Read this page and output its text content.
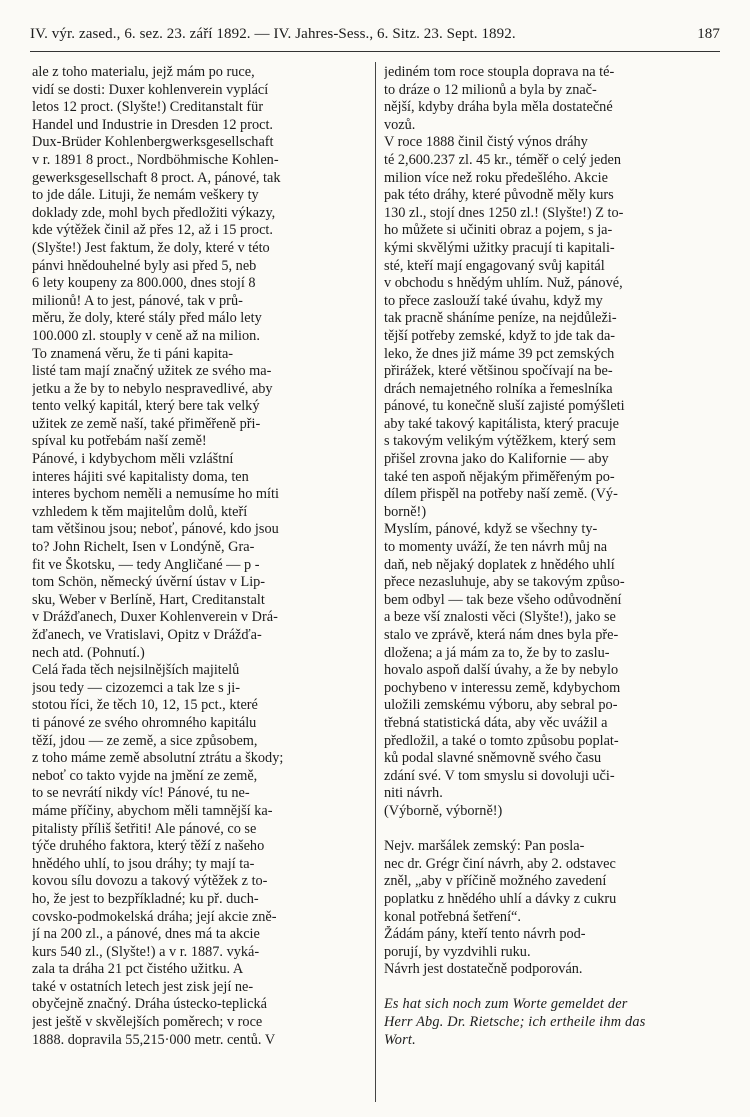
IV. výr. zased., 6. sez. 23. září 1892. — IV. Jahres-Sess., 6. Sitz. 23. Sept. 1892.	187
ale z toho materialu, jejž mám po ruce,
vidí se dosti: Duxer kohlenverein vyplácí
letos 12 proct. (Slyšte!) Creditanstalt für
Handel und Industrie in Dresden 12 proct.
Dux-Brüder Kohlenbergwerksgesellschaft
v r. 1891 8 proct., Nordböhmische Kohlen-
gewerksgesellschaft 8 proct. A, pánové, tak
to jde dále. Lituji, že nemám veškery ty
doklady zde, mohl bych předložiti výkazy,
kde výtěžek činil až přes 12, až i 15 proct.
(Slyšte!) Jest faktum, že doly, které v této
pánvi hnědouhelné byly asi před 5, neb
6 lety koupeny za 800.000, dnes stojí 8
milionů! A to jest, pánové, tak v prů-
měru, že doly, které stály před málo lety
100.000 zl. stouply v ceně až na milion.
To znamená věru, že ti páni kapita-
listé tam mají značný užitek ze svého ma-
jetku a že by to nebylo nespravedlivé, aby
tento velký kapitál, který bere tak velký
užitek ze země naší, také přiměřeně při-
spíval ku potřebám naší země!
Pánové, i kdybychom měli vzláštní
interes hájiti své kapitalisty doma, ten
interes bychom neměli a nemusíme ho míti
vzhledem k těm majitelům dolů, kteří
tam většinou jsou; neboť, pánové, kdo jsou
to? John Richelt, Isen v Londýně, Gra-
fit ve Škotsku, — tedy Angličané — p -
tom Schön, německý úvěrní ústav v Lip-
sku, Weber v Berlíně, Hart, Creditanstalt
v Drážďanech, Duxer Kohlenverein v Drá-
žďanech, ve Vratislavi, Opitz v Drážďa-
nech atd. (Pohnutí.)
Celá řada těch nejsilnějších majitelů
jsou tedy — cizozemci a tak lze s ji-
stotou říci, že těch 10, 12, 15 pct., které
ti pánové ze svého ohromného kapitálu
těží, jdou — ze země, a sice způsobem,
z toho máme země absolutní ztrátu a škody;
neboť co takto vyjde na jmění ze země,
to se nevrátí nikdy víc! Pánové, tu ne-
máme příčiny, abychom měli tamnější ka-
pitalisty příliš šetřiti! Ale pánové, co se
týče druhého faktora, který těží z našeho
hnědého uhlí, to jsou dráhy; ty mají ta-
kovou sílu dovozu a takový výtěžek z to-
ho, že jest to bezpříkladné; ku př. duch-
covsko-podmokelská dráha; její akcie zně-
jí na 200 zl., a pánové, dnes má ta akcie
kurs 540 zl., (Slyšte!) a v r. 1887. vyká-
zala ta dráha 21 pct čistého užitku. A
také v ostatních letech jest zisk její ne-
obyčejně značný. Dráha ústecko-teplická
jest ještě v skvělejších poměrech; v roce
1888. dopravila 55,215·000 metr. centů. V
jediném tom roce stoupla doprava na té-
to dráze o 12 milionů a byla by znač-
nější, kdyby dráha byla měla dostatečné
vozů.
V roce 1888 činil čistý výnos dráhy
té 2,600.237 zl. 45 kr., téměř o celý jeden
milion více než roku předešlého. Akcie
pak této dráhy, které původně měly kurs
130 zl., stojí dnes 1250 zl.! (Slyšte!) Z to-
ho můžete si učiniti obraz a pojem, s ja-
kými skvělými užitky pracují ti kapitali-
sté, kteří mají engagovaný svůj kapitál
v obchodu s hnědým uhlím. Nuž, pánové,
to přece zaslouží také úvahu, když my
tak pracně sháníme peníze, na nejdůleži-
tější potřeby zemské, když to jde tak da-
leko, že dnes již máme 39 pct zemských
přirážek, které většinou spočívají na be-
drách nemajetného rolníka a řemeslníka
pánové, tu konečně sluší zajisté pomýšleti
aby také takový kapitálista, který pracuje
s takovým velikým výtěžkem, který sem
přišel zrovna jako do Kalifornie — aby
také ten aspoň nějakým přiměřeným po-
dílem přispěl na potřeby naší země. (Vý-
borně!)
Myslím, pánové, když se všechny ty-
to momenty uváží, že ten návrh můj na
daň, neb nějaký doplatek z hnědého uhlí
přece nezasluhuje, aby se takovým způso-
bem odbyl — tak beze všeho odůvodnění
a beze vší znalosti věci (Slyšte!), jako se
stalo ve zprávě, která nám dnes byla pře-
dložena; a já mám za to, že by to zaslu-
hovalo aspoň další úvahy, a že by nebylo
pochybeno v interessu země, kdybychom
uložili zemskému výboru, aby sebral po-
třebná statistická dáta, aby věc uvážil a
předložil, a také o tomto způsobu poplat-
ků podal slavné sněmovně svého času
zdání své. V tom smyslu si dovoluji uči-
niti návrh.
(Výborně, výborně!)
Nejv. maršálek zemský: Pan posla-
nec dr. Grégr činí návrh, aby 2. odstavec
zněl, „aby v příčině možného zavedení
poplatku z hnědého uhlí a dávky z cukru
konal potřebná šetření“.
Žádám pány, kteří tento návrh pod-
porují, by vyzdvihli ruku.
Návrh jest dostatečně podporován.
Es hat sich noch zum Worte gemeldet der
Herr Abg. Dr. Rietsche; ich ertheile ihm das
Wort.
